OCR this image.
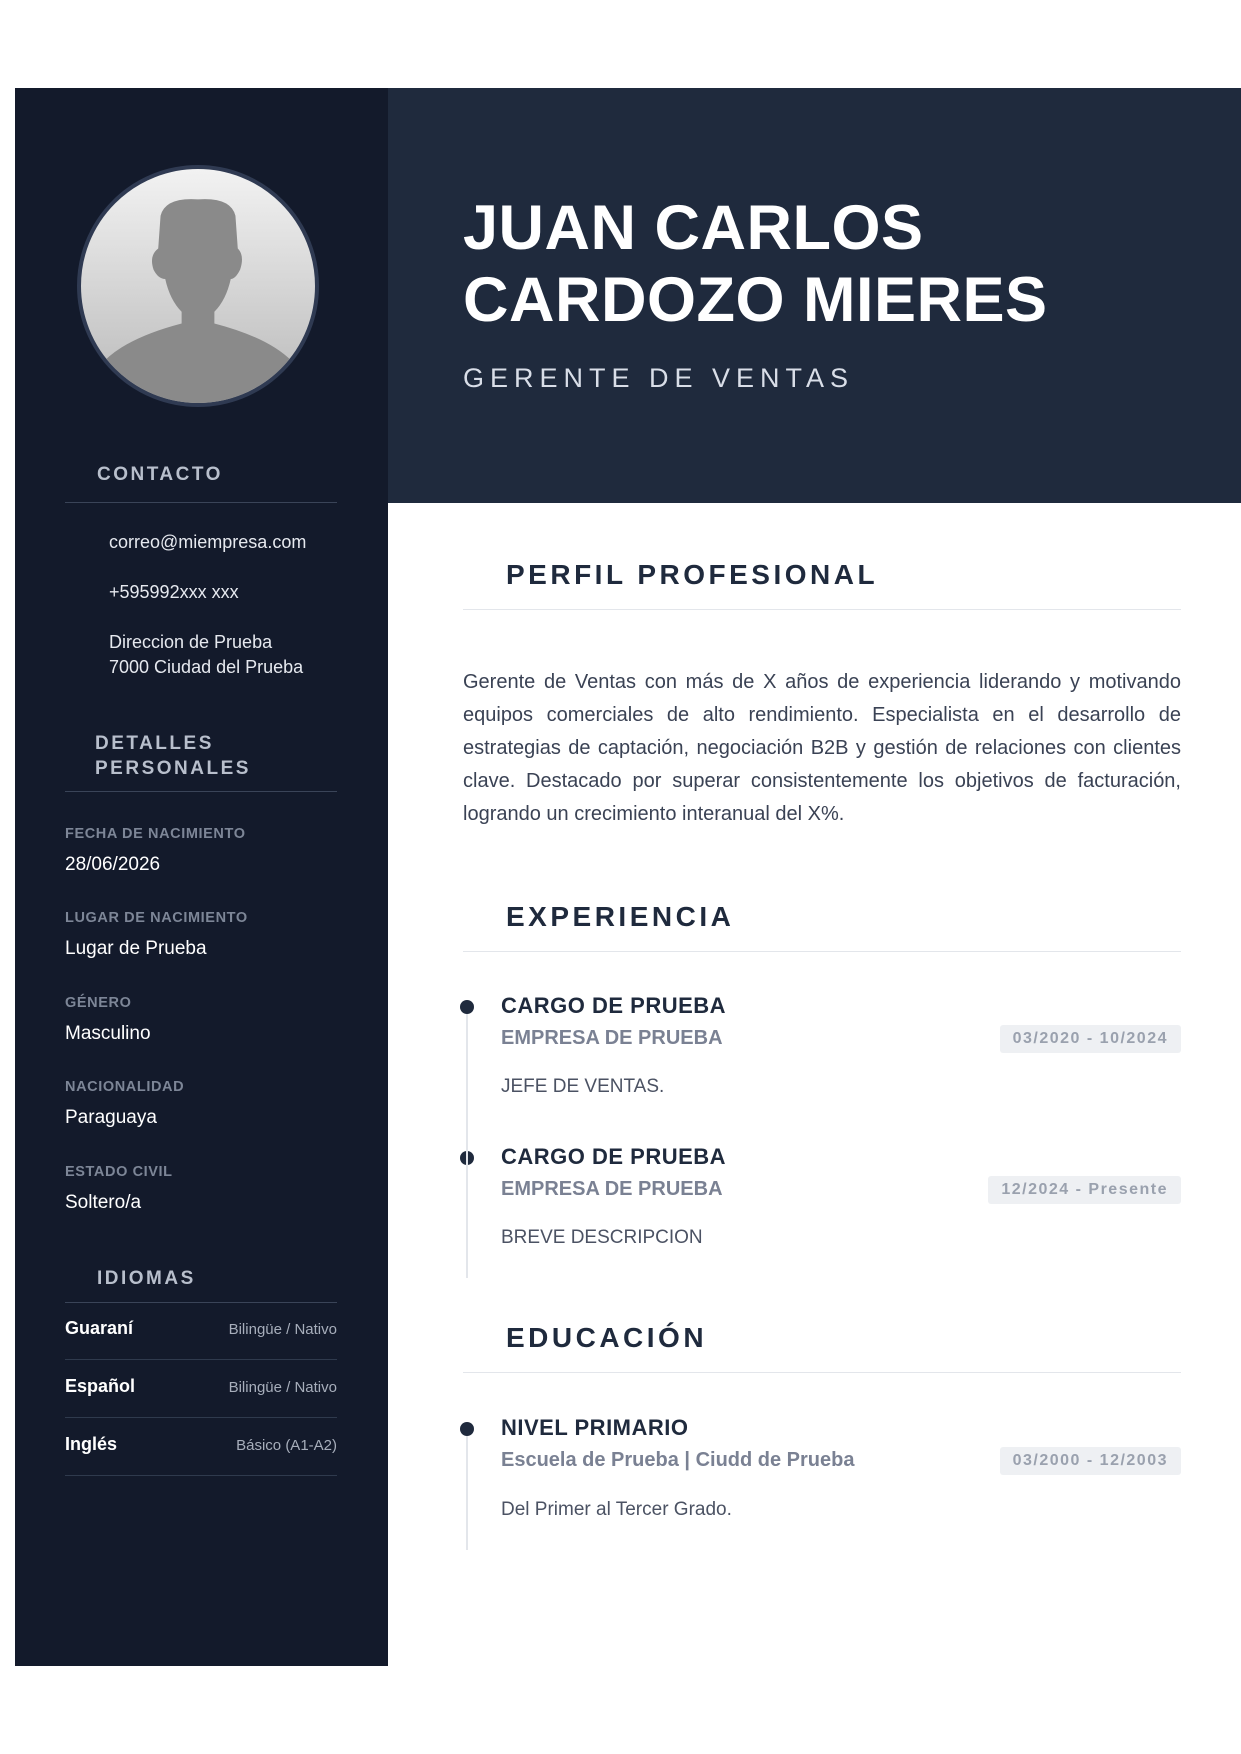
CONTACTO
correo@miempresa.com
+595992xxx xxx
Direccion de Prueba
7000 Ciudad del Prueba
DETALLES
PERSONALES
FECHA DE NACIMIENTO
28/06/2026
LUGAR DE NACIMIENTO
Lugar de Prueba
GÉNERO
Masculino
NACIONALIDAD
Paraguaya
ESTADO CIVIL
Soltero/a
IDIOMAS
Guaraní	Bilingüe / Nativo
Español	Bilingüe / Nativo
Inglés	Básico (A1-A2)
JUAN CARLOS
CARDOZO MIERES
GERENTE DE VENTAS
PERFIL PROFESIONAL
Gerente de Ventas con más de X años de experiencia liderando y motivando equipos comerciales de alto rendimiento. Especialista en el desarrollo de estrategias de captación, negociación B2B y gestión de relaciones con clientes clave. Destacado por superar consistentemente los objetivos de facturación, logrando un crecimiento interanual del X%.
EXPERIENCIA
CARGO DE PRUEBA
EMPRESA DE PRUEBA	03/2020 - 10/2024
JEFE DE VENTAS.
CARGO DE PRUEBA
EMPRESA DE PRUEBA	12/2024 - Presente
BREVE DESCRIPCION
EDUCACIÓN
NIVEL PRIMARIO
Escuela de Prueba | Ciudd de Prueba	03/2000 - 12/2003
Del Primer al Tercer Grado.
